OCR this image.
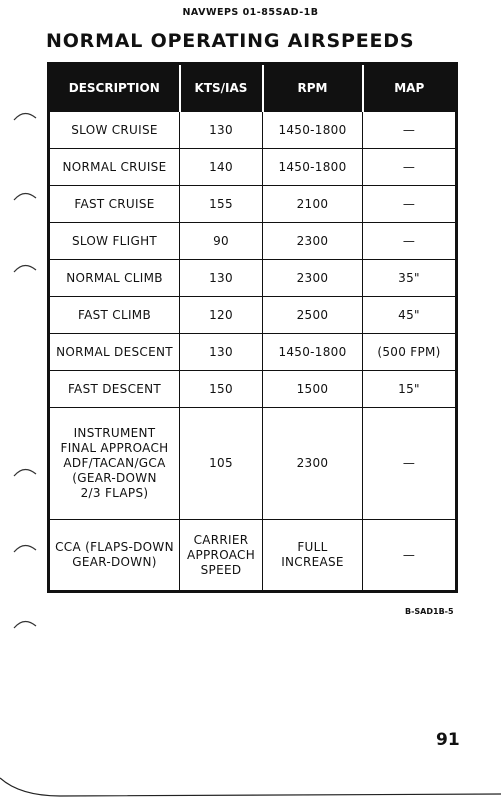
NAVWEPS 01-85SAD-1B
NORMAL OPERATING AIRSPEEDS
DESCRIPTION	KTS/IAS	RPM	MAP
SLOW CRUISE	130	1450-1800	—
NORMAL CRUISE	140	1450-1800	—
FAST CRUISE	155	2100	—
SLOW FLIGHT	90	2300	—
NORMAL CLIMB	130	2300	35"
FAST CLIMB	120	2500	45"
NORMAL DESCENT	130	1450-1800	(500 FPM)
FAST DESCENT	150	1500	15"
INSTRUMENT
FINAL APPROACH
ADF/TACAN/GCA
(GEAR-DOWN
2/3 FLAPS)	105	2300	—
CCA (FLAPS-DOWN
GEAR-DOWN)	CARRIER
APPROACH
SPEED	FULL
INCREASE	—
B-SAD1B-5
91
